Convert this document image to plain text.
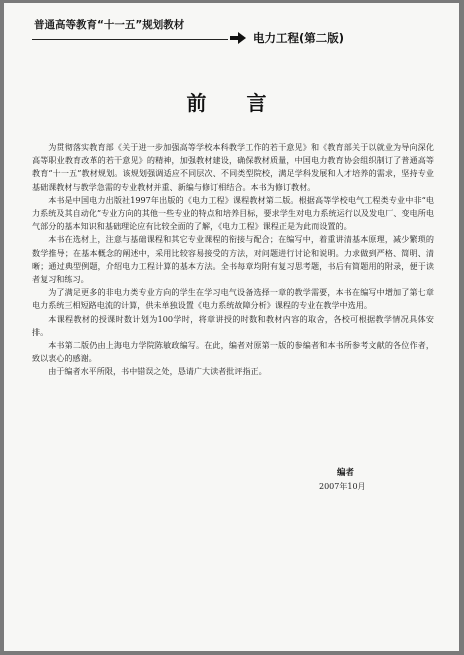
普通高等教育“十一五”规划教材
电力工程(第二版)
前言

为贯彻落实教育部《关于进一步加强高等学校本科教学工作的若干意见》和《教育部关于以就业为导向深化高等职业教育改革的若干意见》的精神，加强教材建设，确保教材质量，中国电力教育协会组织制订了普通高等教育“十一五”教材规划。该规划强调适应不同层次、不同类型院校，满足学科发展和人才培养的需求，坚持专业基础课教材与教学急需的专业教材并重、新编与修订相结合。本书为修订教材。

本书是中国电力出版社1997年出版的《电力工程》课程教材第二版。根据高等学校电气工程类专业中非“电力系统及其自动化”专业方向的其他一些专业的特点和培养目标，要求学生对电力系统运行以及发电厂、变电所电气部分的基本知识和基础理论应有比较全面的了解，《电力工程》课程正是为此而设置的。

本书在选材上，注意与基础课程和其它专业课程的衔接与配合；在编写中，着重讲清基本原理，减少繁琐的数学推导；在基本概念的阐述中，采用比较容易接受的方法，对问题进行讨论和说明。力求做到严格、简明、清晰；通过典型例题，介绍电力工程计算的基本方法。全书每章均附有复习思考题，书后有简题用的附录，便于读者复习和练习。

为了满足更多的非电力类专业方向的学生在学习电气设备选择一章的教学需要，本书在编写中增加了第七章电力系统三相短路电流的计算，供未单独设置《电力系统故障分析》课程的专业在教学中选用。

本课程教材的授课时数计划为100学时，将章讲授的时数和教材内容的取舍，各校可根据教学情况具体安排。

本书第二版仍由上海电力学院陈敏政编写。在此，编者对原第一版的参编者和本书所参考文献的各位作者，致以衷心的感谢。

由于编者水平所限，书中错误之处，恳请广大读者批评指正。

编者
2007年10月
